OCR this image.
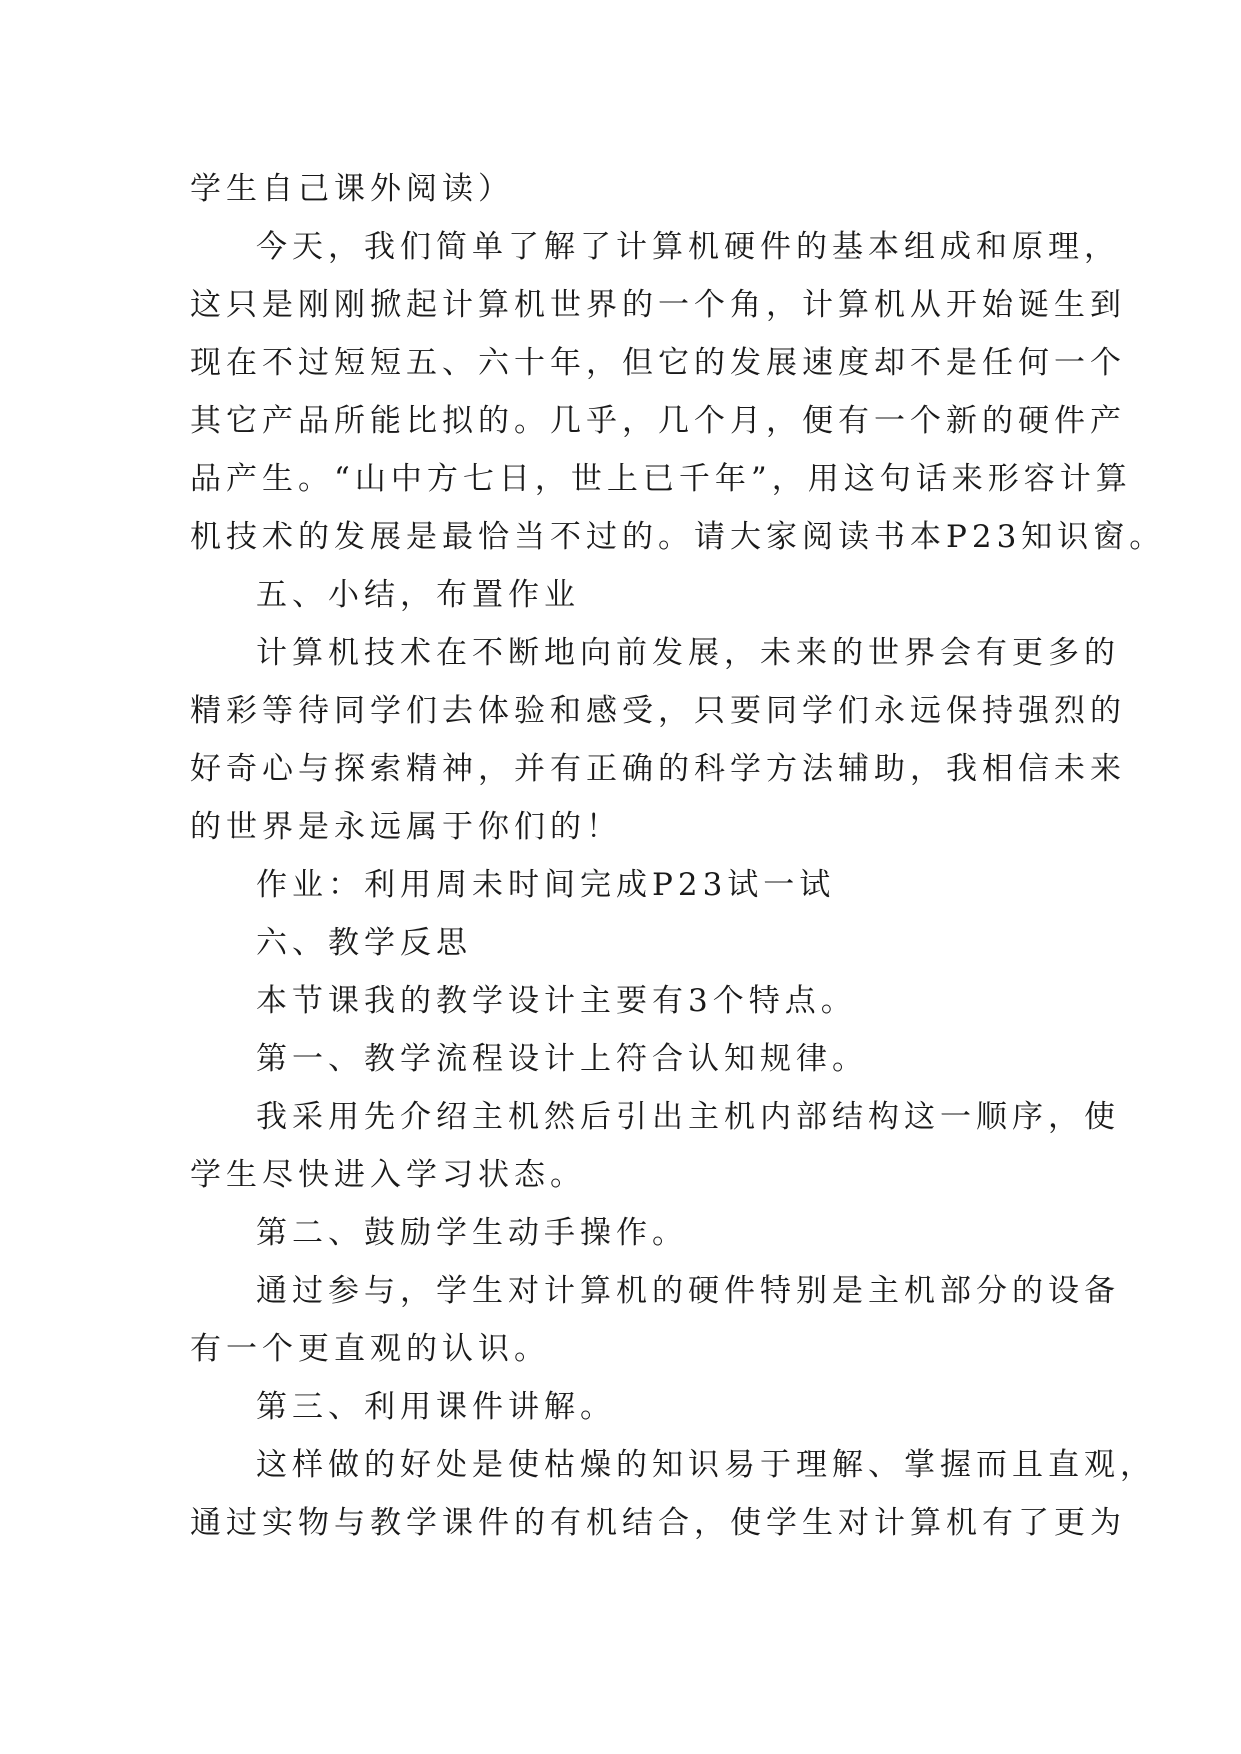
学生自己课外阅读）
今天，我们简单了解了计算机硬件的基本组成和原理，
这只是刚刚掀起计算机世界的一个角，计算机从开始诞生到
现在不过短短五、六十年，但它的发展速度却不是任何一个
其它产品所能比拟的。几乎，几个月，便有一个新的硬件产
品产生。“山中方七日，世上已千年”，用这句话来形容计算
机技术的发展是最恰当不过的。请大家阅读书本P23知识窗。
五、小结，布置作业
计算机技术在不断地向前发展，未来的世界会有更多的
精彩等待同学们去体验和感受，只要同学们永远保持强烈的
好奇心与探索精神，并有正确的科学方法辅助，我相信未来
的世界是永远属于你们的！
作业：利用周未时间完成P23试一试
六、教学反思
本节课我的教学设计主要有3个特点。
第一、教学流程设计上符合认知规律。
我采用先介绍主机然后引出主机内部结构这一顺序，使
学生尽快进入学习状态。
第二、鼓励学生动手操作。
通过参与，学生对计算机的硬件特别是主机部分的设备
有一个更直观的认识。
第三、利用课件讲解。
这样做的好处是使枯燥的知识易于理解、掌握而且直观，
通过实物与教学课件的有机结合，使学生对计算机有了更为
